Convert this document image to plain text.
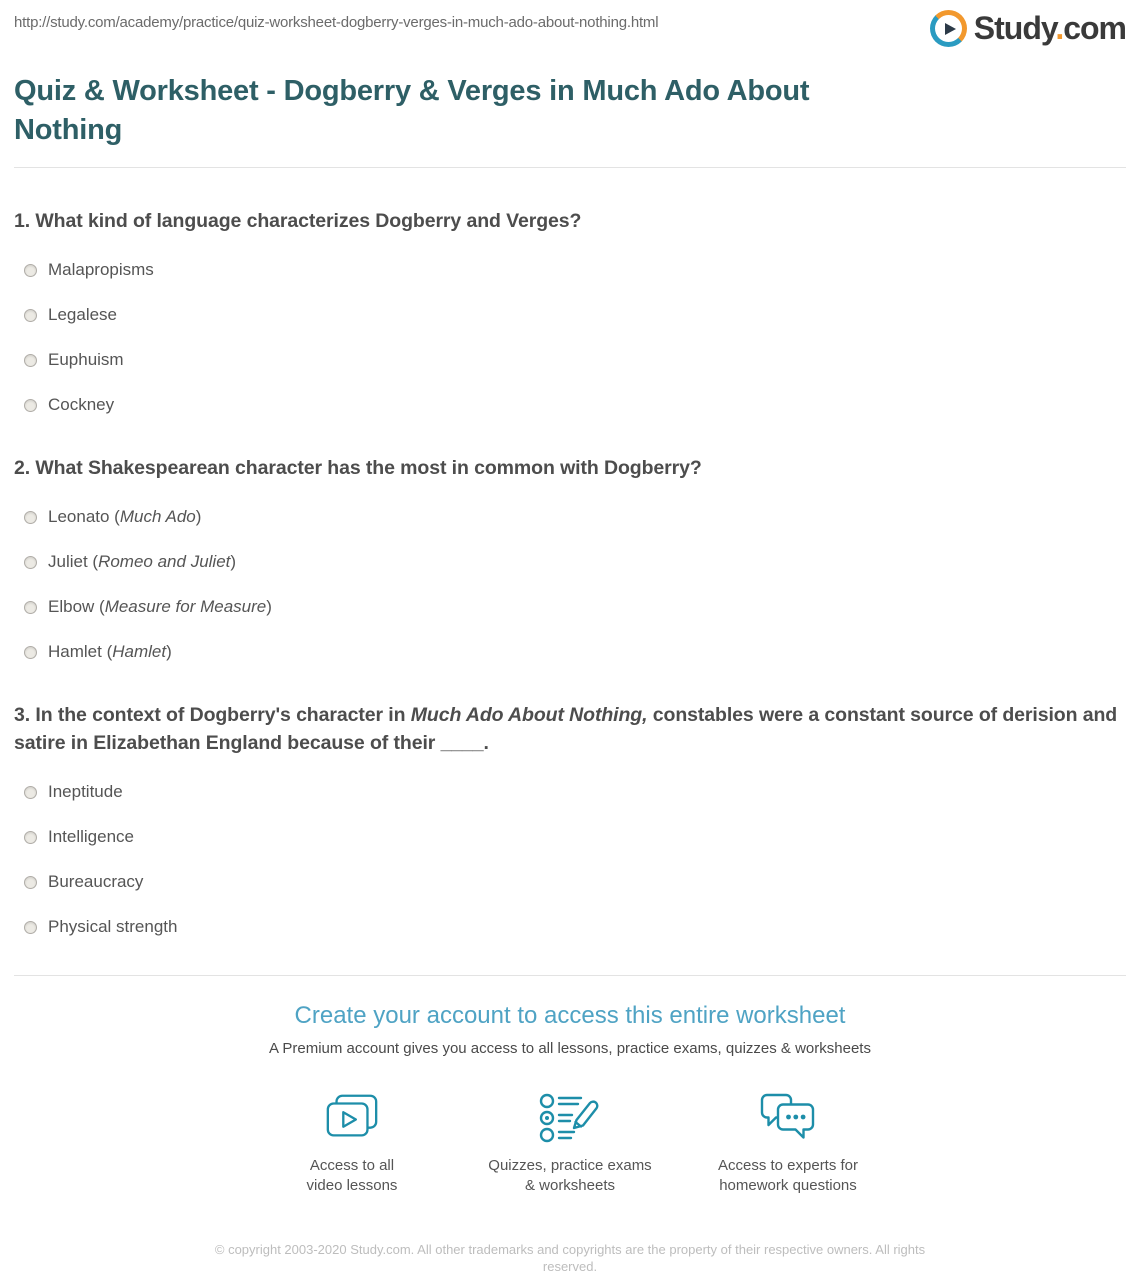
http://study.com/academy/practice/quiz-worksheet-dogberry-verges-in-much-ado-about-nothing.html	Study.com
Quiz & Worksheet - Dogberry & Verges in Much Ado About Nothing
1. What kind of language characterizes Dogberry and Verges?
Malapropisms
Legalese
Euphuism
Cockney
2. What Shakespearean character has the most in common with Dogberry?
Leonato (Much Ado)
Juliet (Romeo and Juliet)
Elbow (Measure for Measure)
Hamlet (Hamlet)
3. In the context of Dogberry's character in Much Ado About Nothing, constables were a constant source of derision and satire in Elizabethan England because of their ____.
Ineptitude
Intelligence
Bureaucracy
Physical strength
Create your account to access this entire worksheet
A Premium account gives you access to all lessons, practice exams, quizzes & worksheets
Access to all
video lessons
Quizzes, practice exams
& worksheets
Access to experts for
homework questions
© copyright 2003-2020 Study.com. All other trademarks and copyrights are the property of their respective owners. All rights reserved.
